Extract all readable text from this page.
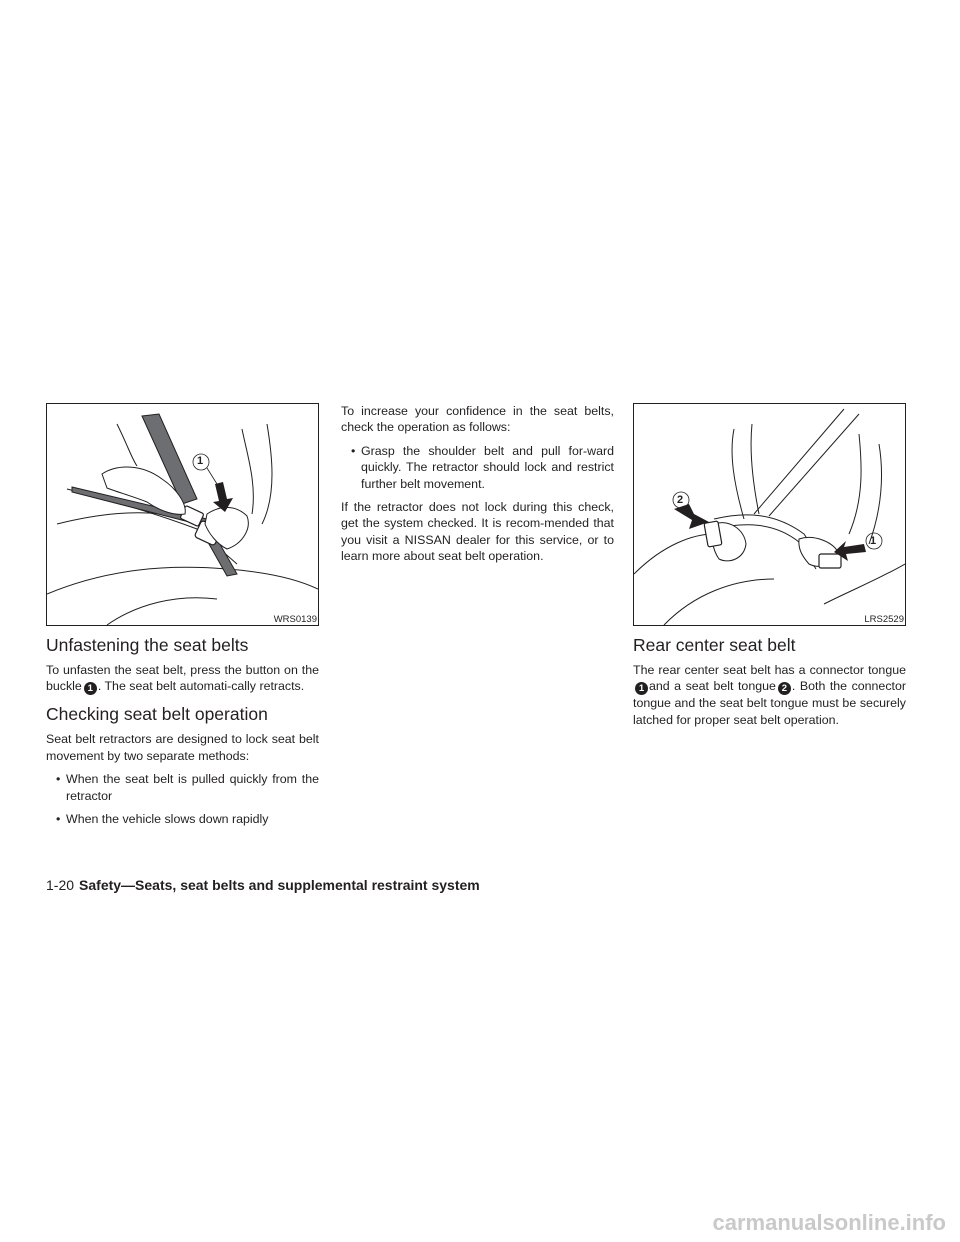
1
WRS0139
Unfastening the seat belts

To unfasten the seat belt, press the button on the buckle 1 . The seat belt automati-cally retracts.

Checking seat belt operation

Seat belt retractors are designed to lock seat belt movement by two separate methods:

• When the seat belt is pulled quickly from the retractor
• When the vehicle slows down rapidly

To increase your confidence in the seat belts, check the operation as follows:

• Grasp the shoulder belt and pull for-ward quickly. The retractor should lock and restrict further belt movement.

If the retractor does not lock during this check, get the system checked. It is recom-mended that you visit a NISSAN dealer for this service, or to learn more about seat belt operation.

2
1
LRS2529
Rear center seat belt

The rear center seat belt has a connector tongue1 and a seat belt tongue 2 . Both the connector tongue and the seat belt tongue must be securely latched for proper seat belt operation.

1-20 Safety—Seats, seat belts and supplemental restraint system
carmanualsonline.info
